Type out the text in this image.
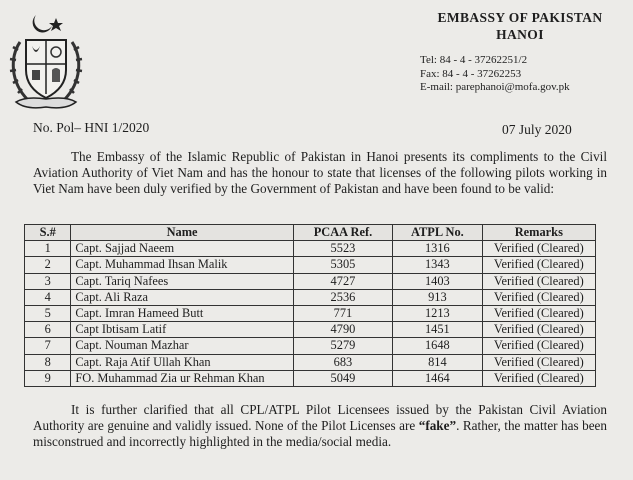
EMBASSY OF PAKISTAN
HANOI
Tel: 84 - 4 - 37262251/2
Fax: 84 - 4 - 37262253
E-mail: parephanoi@mofa.gov.pk
No. Pol– HNI 1/2020	07 July 2020
The Embassy of the Islamic Republic of Pakistan in Hanoi presents its compliments to the Civil Aviation Authority of Viet Nam and has the honour to state that licenses of the following pilots working in Viet Nam have been duly verified by the Government of Pakistan and have been found to be valid:
S.#	Name	PCAA Ref.	ATPL No.	Remarks
1	Capt. Sajjad Naeem	5523	1316	Verified (Cleared)
2	Capt. Muhammad Ihsan Malik	5305	1343	Verified (Cleared)
3	Capt. Tariq Nafees	4727	1403	Verified (Cleared)
4	Capt. Ali Raza	2536	913	Verified (Cleared)
5	Capt. Imran Hameed Butt	771	1213	Verified (Cleared)
6	Capt Ibtisam Latif	4790	1451	Verified (Cleared)
7	Capt. Nouman Mazhar	5279	1648	Verified (Cleared)
8	Capt. Raja Atif Ullah Khan	683	814	Verified (Cleared)
9	FO. Muhammad Zia ur Rehman Khan	5049	1464	Verified (Cleared)
It is further clarified that all CPL/ATPL Pilot Licensees issued by the Pakistan Civil Aviation Authority are genuine and validly issued. None of the Pilot Licenses are “fake”. Rather, the matter has been misconstrued and incorrectly highlighted in the media/social media.
